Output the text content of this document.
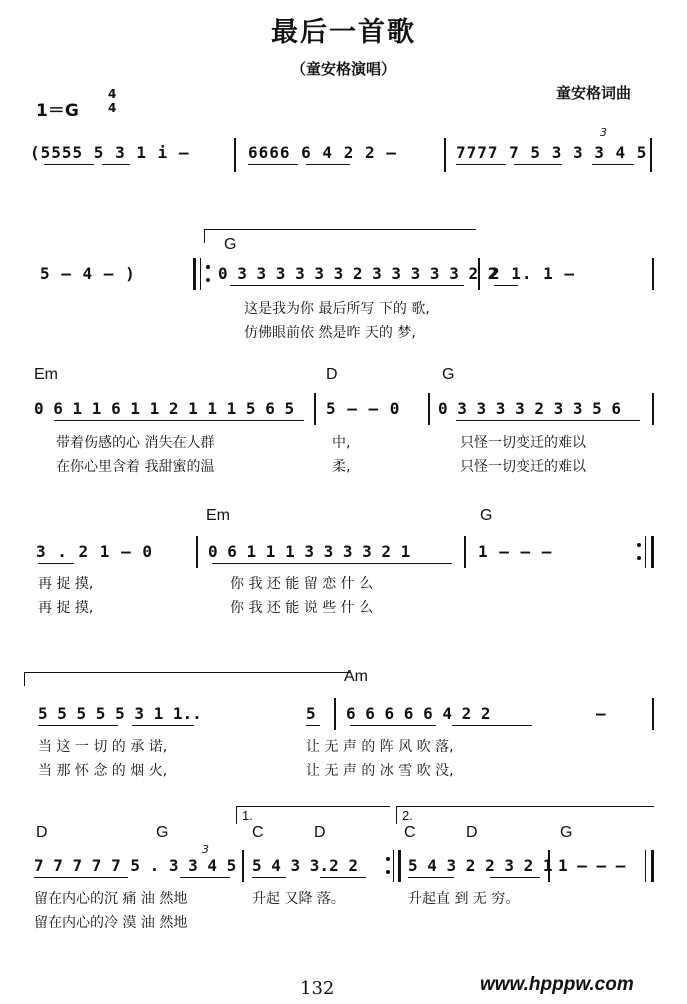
最后一首歌
（童安格演唱）
童安格词曲
1＝G
4
4
(5555 5 3 1 i –	6666 6 4 2 2 –	7777 7 5 3 3 3 4 5
3
G
5 – 4 – )	0 3 3 3 3 3 3 2 3 3 3 3 3 2 2
2 1. 1 –
这是我为你 最后所写 下的 歌,
仿佛眼前依 然是昨 天的 梦,
Em	D	G
0 6 1 1 6 1 1 2 1 1 1 5 6 5 5 – – 0 0 3 3 3 3 2 3 3 5 6
带着伤感的心 消失在人群	中,	只怪一切变迁的难以
在你心里含着 我甜蜜的温	柔,	只怪一切变迁的难以
Em	G
3 . 2 1 – 0	0 6 1 1 1 3 3 3 3 2 1	1 – – –
再 捉 摸,	你 我 还 能 留 恋 什 么
再 捉 摸,	你 我 还 能 说 些 什 么
Am
5 5 5 5 5 3 1 1..	5 6 6 6 6 6 4 2 2	–
当 这 一 切 的 承 诺,	让 无 声 的 阵 风 吹 落,
当 那 怀 念 的 烟 火,	让 无 声 的 冰 雪 吹 没,
1.	2.
D	G	C	D	C	D	G
3
7 7 7 7 7 5 . 3 3 4 5 5 4 3 3.2 2	5 4 3 2 2 3 2 1 1 – – –
留在内心的沉 痛 油 然地	升起 又降 落。	升起直 到 无 穷。
留在内心的冷 漠 油 然地
132	www.hpppw.com
